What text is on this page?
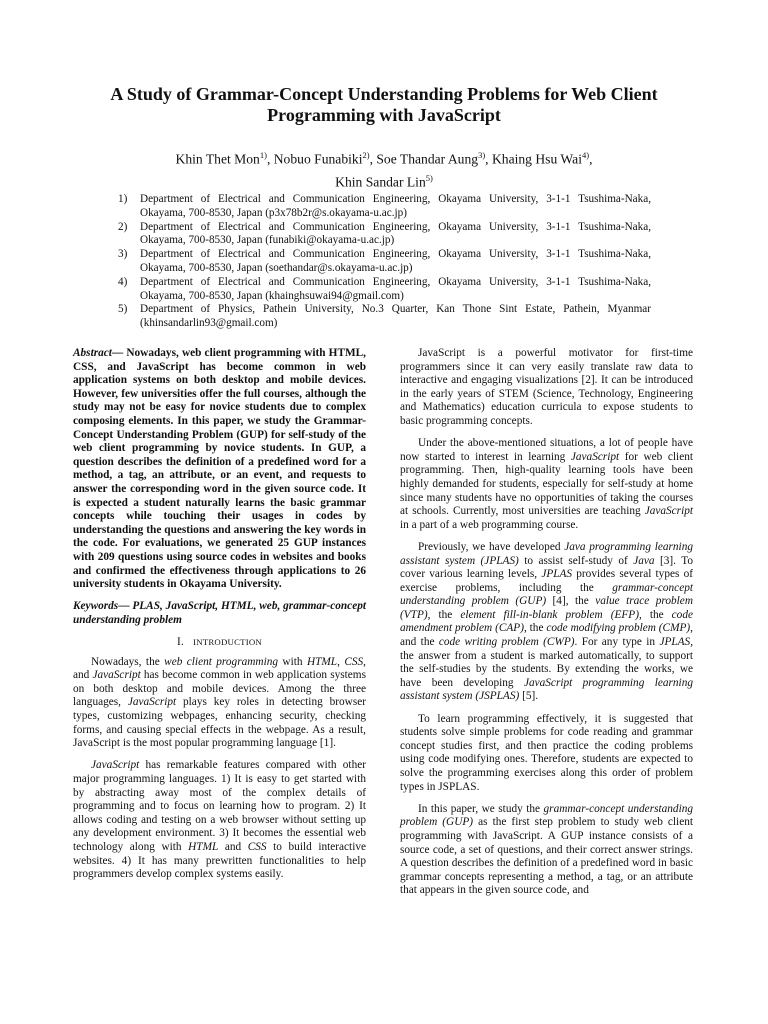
A Study of Grammar-Concept Understanding Problems for Web Client
Programming with JavaScript
Khin Thet Mon$^{1)}$, Nobuo Funabiki$^{2)}$, Soe Thandar Aung$^{3)}$, Khaing Hsu Wai$^{4)}$,
Khin Sandar Lin$^{5)}$
1) Department of Electrical and Communication Engineering, Okayama University, 3-1-1 Tsushima-Naka, Okayama, 700-8530, Japan (p3x78b2r@s.okayama-u.ac.jp)
2) Department of Electrical and Communication Engineering, Okayama University, 3-1-1 Tsushima-Naka, Okayama, 700-8530, Japan (funabiki@okayama-u.ac.jp)
3) Department of Electrical and Communication Engineering, Okayama University, 3-1-1 Tsushima-Naka, Okayama, 700-8530, Japan (soethandar@s.okayama-u.ac.jp)
4) Department of Electrical and Communication Engineering, Okayama University, 3-1-1 Tsushima-Naka, Okayama, 700-8530, Japan (khainghsuwai94@gmail.com)
5) Department of Physics, Pathein University, No.3 Quarter, Kan Thone Sint Estate, Pathein, Myanmar (khinsandarlin93@gmail.com)

Abstract— Nowadays, web client programming with HTML, CSS, and JavaScript has become common in web application systems on both desktop and mobile devices. However, few universities offer the full courses, although the study may not be easy for novice students due to complex composing elements. In this paper, we study the Grammar-Concept Understanding Problem (GUP) for self-study of the web client programming by novice students. In GUP, a question describes the definition of a predefined word for a method, a tag, an attribute, or an event, and requests to answer the corresponding word in the given source code. It is expected a student naturally learns the basic grammar concepts while touching their usages in codes by understanding the questions and answering the key words in the code. For evaluations, we generated 25 GUP instances with 209 questions using source codes in websites and books and confirmed the effectiveness through applications to 26 university students in Okayama University.

Keywords— PLAS, JavaScript, HTML, web, grammar-concept understanding problem

I. INTRODUCTION

Nowadays, the web client programming with HTML, CSS, and JavaScript has become common in web application systems on both desktop and mobile devices. Among the three languages, JavaScript plays key roles in detecting browser types, customizing webpages, enhancing security, checking forms, and causing special effects in the webpage. As a result, JavaScript is the most popular programming language [1].

JavaScript has remarkable features compared with other major programming languages. 1) It is easy to get started with by abstracting away most of the complex details of programming and to focus on learning how to program. 2) It allows coding and testing on a web browser without setting up any development environment. 3) It becomes the essential web technology along with HTML and CSS to build interactive websites. 4) It has many prewritten functionalities to help programmers develop complex systems easily.

JavaScript is a powerful motivator for first-time programmers since it can very easily translate raw data to interactive and engaging visualizations [2]. It can be introduced in the early years of STEM (Science, Technology, Engineering and Mathematics) education curricula to expose students to basic programming concepts.

Under the above-mentioned situations, a lot of people have now started to interest in learning JavaScript for web client programming. Then, high-quality learning tools have been highly demanded for students, especially for self-study at home since many students have no opportunities of taking the courses at schools. Currently, most universities are teaching JavaScript in a part of a web programming course.

Previously, we have developed Java programming learning assistant system (JPLAS) to assist self-study of Java [3]. To cover various learning levels, JPLAS provides several types of exercise problems, including the grammar-concept understanding problem (GUP) [4], the value trace problem (VTP), the element fill-in-blank problem (EFP), the code amendment problem (CAP), the code modifying problem (CMP), and the code writing problem (CWP). For any type in JPLAS, the answer from a student is marked automatically, to support the self-studies by the students. By extending the works, we have been developing JavaScript programming learning assistant system (JSPLAS) [5].

To learn programming effectively, it is suggested that students solve simple problems for code reading and grammar concept studies first, and then practice the coding problems using code modifying ones. Therefore, students are expected to solve the programming exercises along this order of problem types in JSPLAS.

In this paper, we study the grammar-concept understanding problem (GUP) as the first step problem to study web client programming with JavaScript. A GUP instance consists of a source code, a set of questions, and their correct answer strings. A question describes the definition of a predefined word in basic grammar concepts representing a method, a tag, or an attribute that appears in the given source code, and
